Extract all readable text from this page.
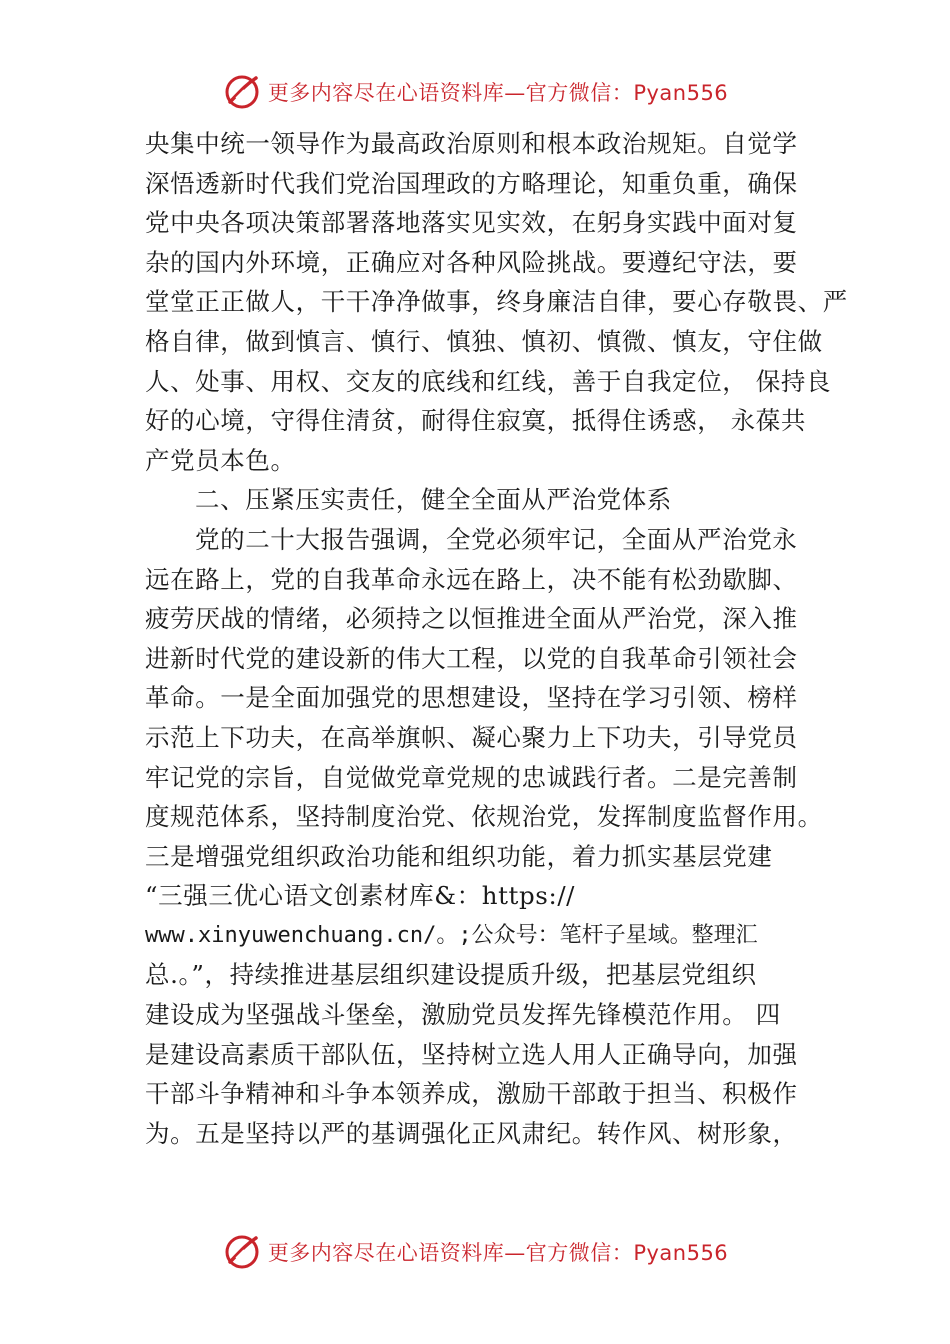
更多内容尽在心语资料库—官方微信：Pyan556
央集中统一领导作为最高政治原则和根本政治规矩。自觉学
深悟透新时代我们党治国理政的方略理论，知重负重，确保
党中央各项决策部署落地落实见实效，在躬身实践中面对复
杂的国内外环境，正确应对各种风险挑战。要遵纪守法，要
堂堂正正做人，干干净净做事，终身廉洁自律，要心存敬畏、严
格自律，做到慎言、慎行、慎独、慎初、慎微、慎友，守住做
人、处事、用权、交友的底线和红线，善于自我定位， 保持良
好的心境，守得住清贫，耐得住寂寞，抵得住诱惑， 永葆共
产党员本色。
二、压紧压实责任，健全全面从严治党体系
党的二十大报告强调，全党必须牢记，全面从严治党永
远在路上，党的自我革命永远在路上，决不能有松劲歇脚、
疲劳厌战的情绪，必须持之以恒推进全面从严治党，深入推
进新时代党的建设新的伟大工程，以党的自我革命引领社会
革命。一是全面加强党的思想建设，坚持在学习引领、榜样
示范上下功夫，在高举旗帜、凝心聚力上下功夫，引导党员
牢记党的宗旨，自觉做党章党规的忠诚践行者。二是完善制
度规范体系，坚持制度治党、依规治党，发挥制度监督作用。
三是增强党组织政治功能和组织功能，着力抓实基层党建
“三强三优心语文创素材库&：https://
www.xinyuwenchuang.cn/。;公众号：笔杆子星域。整理汇
总.。”，持续推进基层组织建设提质升级，把基层党组织
建设成为坚强战斗堡垒，激励党员发挥先锋模范作用。 四
是建设高素质干部队伍，坚持树立选人用人正确导向，加强
干部斗争精神和斗争本领养成，激励干部敢于担当、积极作
为。五是坚持以严的基调强化正风肃纪。转作风、树形象，
更多内容尽在心语资料库—官方微信：Pyan556
